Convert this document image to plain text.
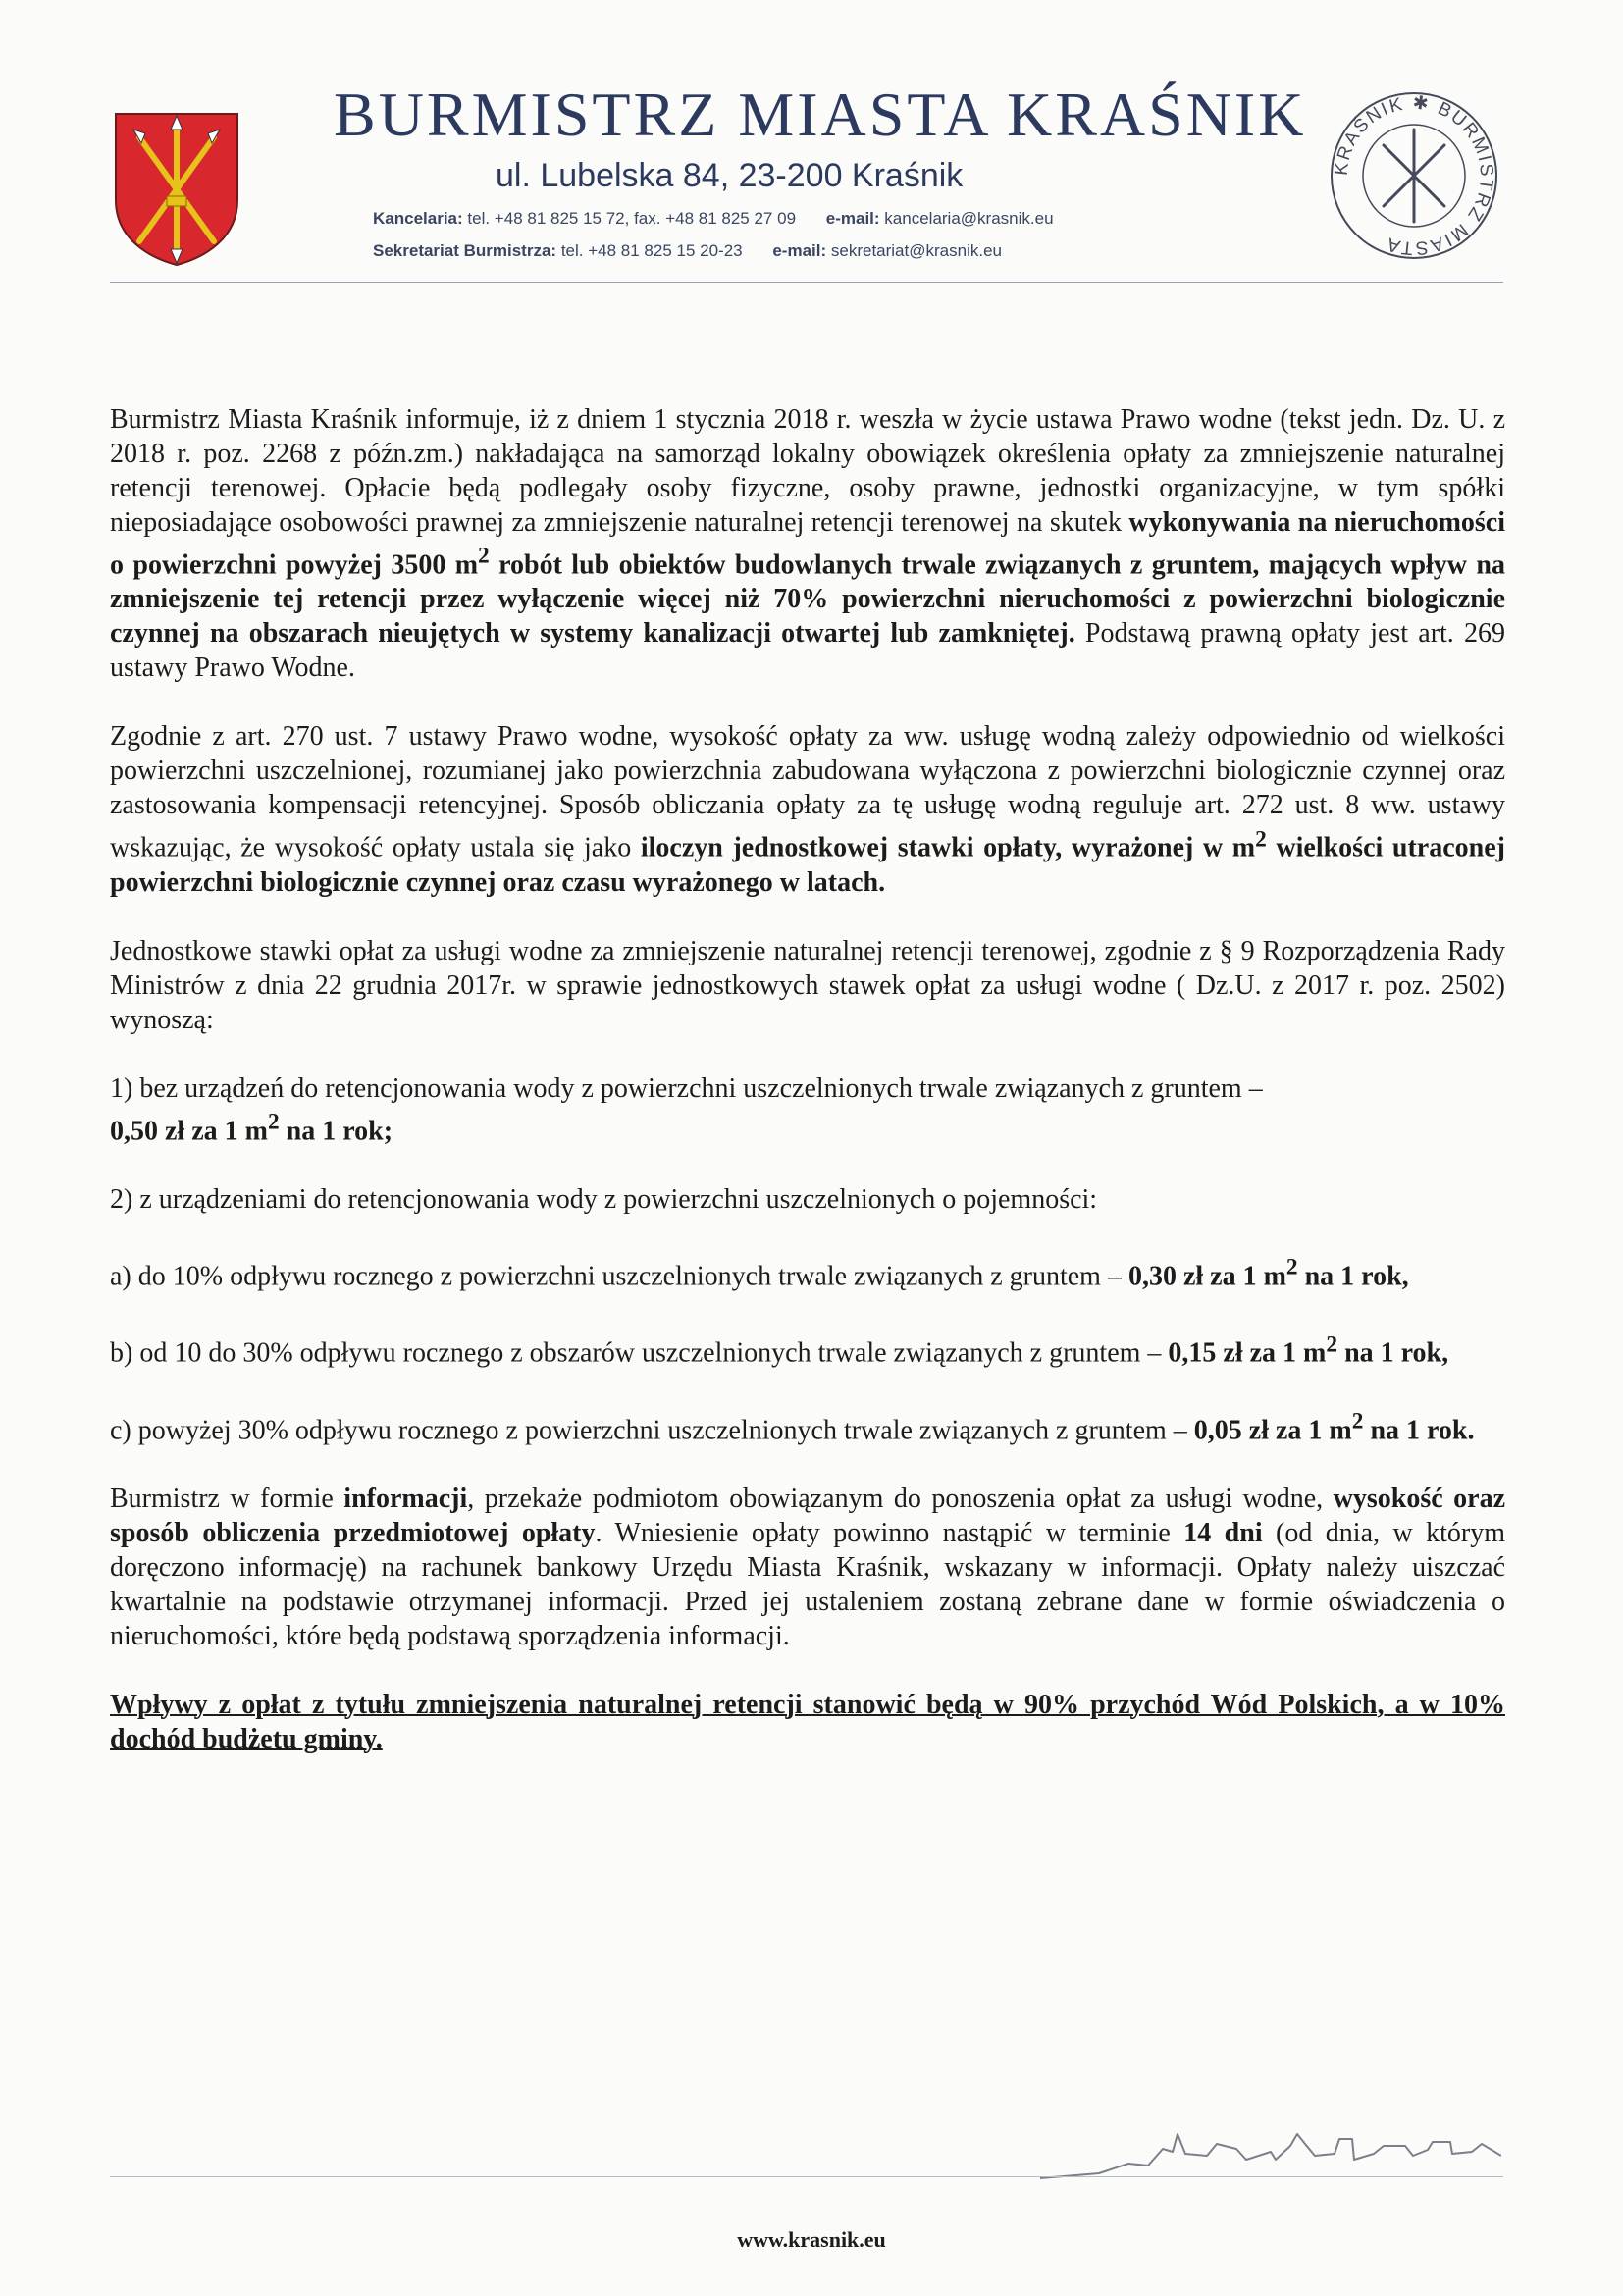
BURMISTRZ MIASTA KRAŚNIK
ul. Lubelska 84, 23-200 Kraśnik
Kancelaria: tel. +48 81 825 15 72, fax. +48 81 825 27 09 e-mail: kancelaria@krasnik.eu
Sekretariat Burmistrza: tel. +48 81 825 15 20-23 e-mail: sekretariat@krasnik.eu
KRAŚNIK ✱ BURMISTRZ MIASTA

Burmistrz Miasta Kraśnik informuje, iż z dniem 1 stycznia 2018 r. weszła w życie ustawa Prawo wodne (tekst jedn. Dz. U. z 2018 r. poz. 2268 z późn.zm.) nakładająca na samorząd lokalny obowiązek określenia opłaty za zmniejszenie naturalnej retencji terenowej. Opłacie będą podlegały osoby fizyczne, osoby prawne, jednostki organizacyjne, w tym spółki nieposiadające osobowości prawnej za zmniejszenie naturalnej retencji terenowej na skutek wykonywania na nieruchomości o powierzchni powyżej 3500 $m^2$ robót lub obiektów budowlanych trwale związanych z gruntem, mających wpływ na zmniejszenie tej retencji przez wyłączenie więcej niż 70% powierzchni nieruchomości z powierzchni biologicznie czynnej na obszarach nieujętych w systemy kanalizacji otwartej lub zamkniętej. Podstawą prawną opłaty jest art. 269 ustawy Prawo Wodne.

Zgodnie z art. 270 ust. 7 ustawy Prawo wodne, wysokość opłaty za ww. usługę wodną zależy odpowiednio od wielkości powierzchni uszczelnionej, rozumianej jako powierzchnia zabudowana wyłączona z powierzchni biologicznie czynnej oraz zastosowania kompensacji retencyjnej. Sposób obliczania opłaty za tę usługę wodną reguluje art. 272 ust. 8 ww. ustawy wskazując, że wysokość opłaty ustala się jako iloczyn jednostkowej stawki opłaty, wyrażonej w $m^2$ wielkości utraconej powierzchni biologicznie czynnej oraz czasu wyrażonego w latach.

Jednostkowe stawki opłat za usługi wodne za zmniejszenie naturalnej retencji terenowej, zgodnie z § 9 Rozporządzenia Rady Ministrów z dnia 22 grudnia 2017r. w sprawie jednostkowych stawek opłat za usługi wodne ( Dz.U. z 2017 r. poz. 2502) wynoszą:

1) bez urządzeń do retencjonowania wody z powierzchni uszczelnionych trwale związanych z gruntem –
0,50 zł za 1 $m^2$ na 1 rok;

2) z urządzeniami do retencjonowania wody z powierzchni uszczelnionych o pojemności:

a) do 10% odpływu rocznego z powierzchni uszczelnionych trwale związanych z gruntem – 0,30 zł za 1 $m^2$ na 1 rok,

b) od 10 do 30% odpływu rocznego z obszarów uszczelnionych trwale związanych z gruntem – 0,15 zł za 1 $m^2$ na 1 rok,

c) powyżej 30% odpływu rocznego z powierzchni uszczelnionych trwale związanych z gruntem – 0,05 zł za 1 $m^2$ na 1 rok.

Burmistrz w formie informacji, przekaże podmiotom obowiązanym do ponoszenia opłat za usługi wodne, wysokość oraz sposób obliczenia przedmiotowej opłaty. Wniesienie opłaty powinno nastąpić w terminie 14 dni (od dnia, w którym doręczono informację) na rachunek bankowy Urzędu Miasta Kraśnik, wskazany w informacji. Opłaty należy uiszczać kwartalnie na podstawie otrzymanej informacji. Przed jej ustaleniem zostaną zebrane dane w formie oświadczenia o nieruchomości, które będą podstawą sporządzenia informacji.

Wpływy z opłat z tytułu zmniejszenia naturalnej retencji stanowić będą w 90% przychód Wód Polskich, a w 10% dochód budżetu gminy.

www.krasnik.eu
